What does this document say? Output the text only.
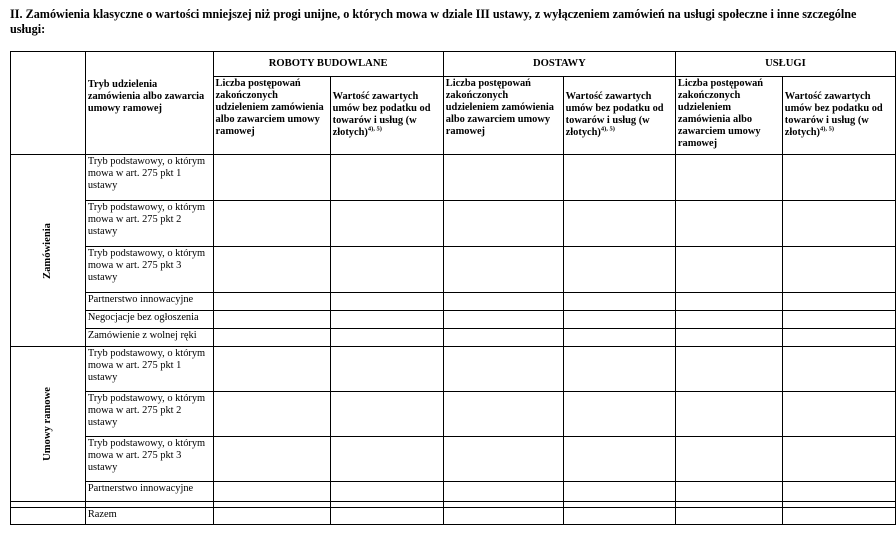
II. Zamówienia klasyczne o wartości mniejszej niż progi unijne, o których mowa w dziale III ustawy, z wyłączeniem zamówień na usługi społeczne i inne szczególne usługi:
	Tryb udzielenia zamówienia albo zawarcia umowy ramowej	ROBOTY BUDOWLANE		DOSTAWY		USŁUGI	
		Liczba postępowań zakończonych udzieleniem zamówienia albo zawarciem umowy ramowej	Wartość zawartych umów bez podatku od towarów i usług (w złotych)$^{4), 5)}$	Liczba postępowań zakończonych udzieleniem zamówienia albo zawarciem umowy ramowej	Wartość zawartych umów bez podatku od towarów i usług (w złotych)$^{4), 5)}$	Liczba postępowań zakończonych udzieleniem zamówienia albo zawarciem umowy ramowej	Wartość zawartych umów bez podatku od towarów i usług (w złotych)$^{4), 5)}$
Zamówienia	Tryb podstawowy, o którym mowa w art. 275 pkt 1 ustawy						
	Tryb podstawowy, o którym mowa w art. 275 pkt 2 ustawy						
	Tryb podstawowy, o którym mowa w art. 275 pkt 3 ustawy						
	Partnerstwo innowacyjne						
	Negocjacje bez ogłoszenia						
	Zamówienie z wolnej ręki						
Umowy ramowe	Tryb podstawowy, o którym mowa w art. 275 pkt 1 ustawy						
	Tryb podstawowy, o którym mowa w art. 275 pkt 2 ustawy						
	Tryb podstawowy, o którym mowa w art. 275 pkt 3 ustawy						
	Partnerstwo innowacyjne						

	Razem						
